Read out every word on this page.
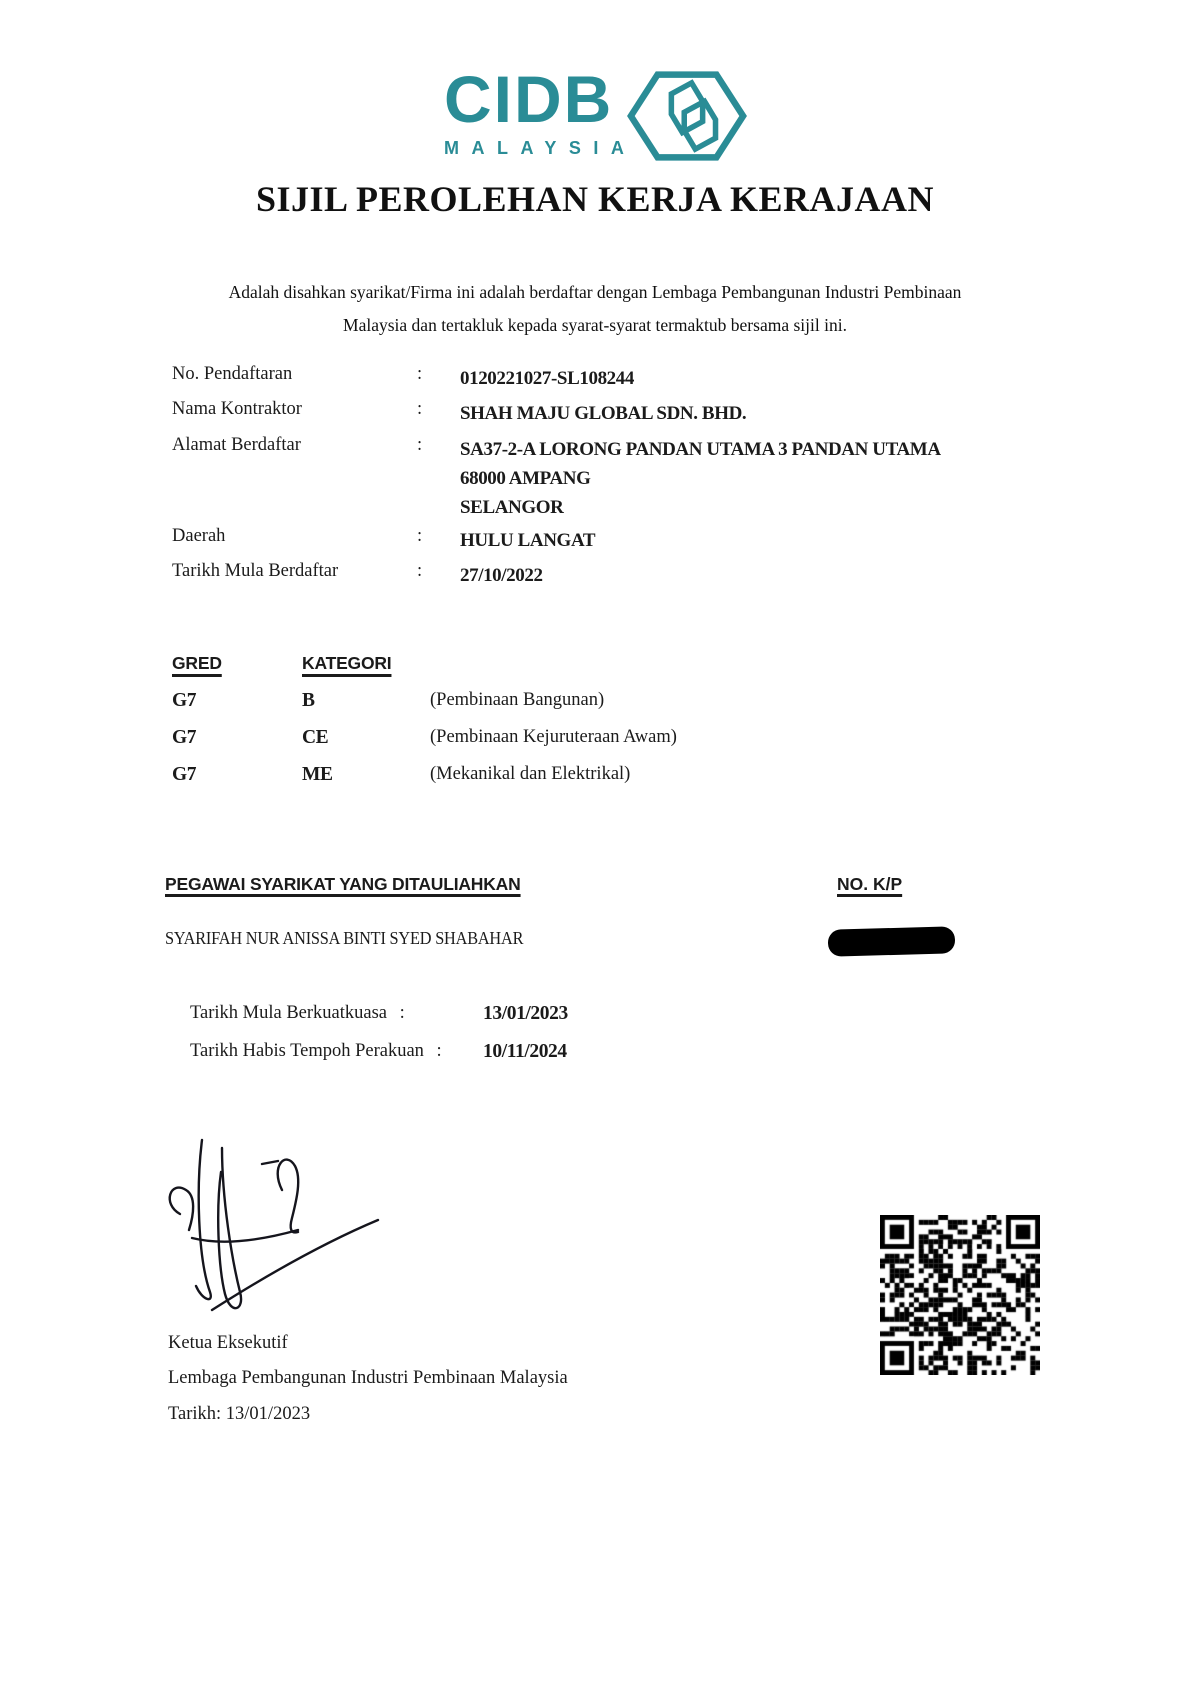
CIDB
MALAYSIA
SIJIL PEROLEHAN KERJA KERAJAAN
Adalah disahkan syarikat/Firma ini adalah berdaftar dengan Lembaga Pembangunan Industri Pembinaan
Malaysia dan tertakluk kepada syarat-syarat termaktub bersama sijil ini.
No. Pendaftaran	:	0120221027-SL108244
Nama Kontraktor	:	SHAH MAJU GLOBAL SDN. BHD.
Alamat Berdaftar	:	SA37-2-A LORONG PANDAN UTAMA 3 PANDAN UTAMA
68000 AMPANG
SELANGOR
Daerah	:	HULU LANGAT
Tarikh Mula Berdaftar	:	27/10/2022
GRED	KATEGORI
G7	B	(Pembinaan Bangunan)
G7	CE	(Pembinaan Kejuruteraan Awam)
G7	ME	(Mekanikal dan Elektrikal)
PEGAWAI SYARIKAT YANG DITAULIAHKAN	NO. K/P
SYARIFAH NUR ANISSA BINTI SYED SHABAHAR
Tarikh Mula Berkuatkuasa :	13/01/2023
Tarikh Habis Tempoh Perakuan : 10/11/2024
Ketua Eksekutif
Lembaga Pembangunan Industri Pembinaan Malaysia
Tarikh: 13/01/2023
